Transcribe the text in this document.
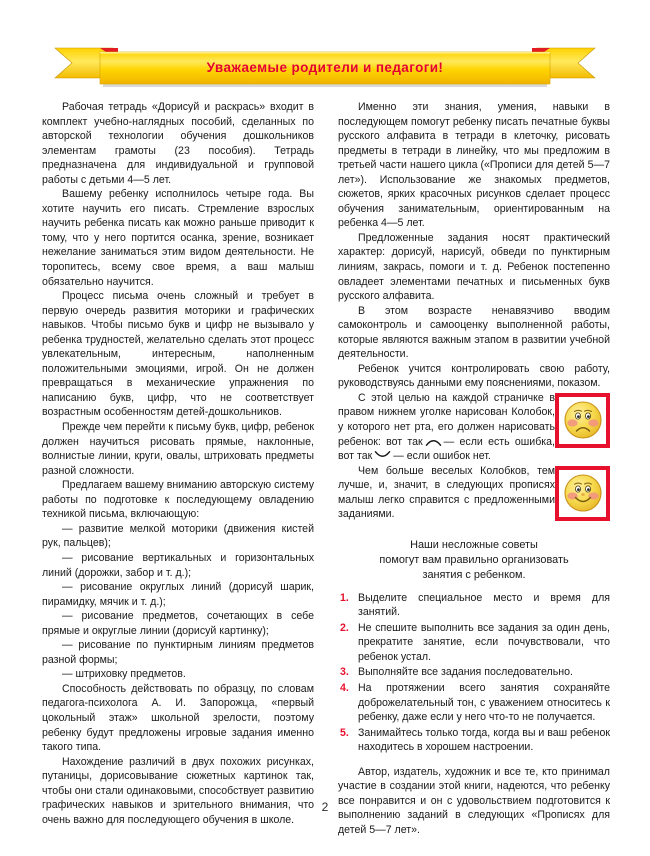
Уважаемые родители и педагоги!

Рабочая тетрадь «Дорисуй и раскрась» входит в комплект учебно-наглядных пособий, сделанных по авторской технологии обучения дошкольников элементам грамоты (23 пособия). Тетрадь предназначена для индивидуальной и групповой работы с детьми 4—5 лет.

Вашему ребенку исполнилось четыре года. Вы хотите научить его писать. Стремление взрослых научить ребенка писать как можно раньше приводит к тому, что у него портится осанка, зрение, возникает нежелание заниматься этим видом деятельности. Не торопитесь, всему свое время, а ваш малыш обязательно научится.

Процесс письма очень сложный и требует в первую очередь развития моторики и графических навыков. Чтобы письмо букв и цифр не вызывало у ребенка трудностей, желательно сделать этот процесс увлекательным, интересным, наполненным положительными эмоциями, игрой. Он не должен превращаться в механические упражнения по написанию букв, цифр, что не соответствует возрастным особенностям детей-дошкольников.

Прежде чем перейти к письму букв, цифр, ребенок должен научиться рисовать прямые, наклонные, волнистые линии, круги, овалы, штриховать предметы разной сложности.

Предлагаем вашему вниманию авторскую систему работы по подготовке к последующему овладению техникой письма, включающую:

— развитие мелкой моторики (движения кистей рук, пальцев);

— рисование вертикальных и горизонтальных линий (дорожки, забор и т. д.);

— рисование округлых линий (дорисуй шарик, пирамидку, мячик и т. д.);

— рисование предметов, сочетающих в себе прямые и округлые линии (дорисуй картинку);

— рисование по пунктирным линиям предметов разной формы;

— штриховку предметов.

Способность действовать по образцу, по словам педагога-психолога А. И. Запорожца, «первый цокольный этаж» школьной зрелости, поэтому ребенку будут предложены игровые задания именно такого типа.

Нахождение различий в двух похожих рисунках, путаницы, дорисовывание сюжетных картинок так, чтобы они стали одинаковыми, способствует развитию графических навыков и зрительного внимания, что очень важно для последующего обучения в школе.

Именно эти знания, умения, навыки в последующем помогут ребенку писать печатные буквы русского алфавита в тетради в клеточку, рисовать предметы в тетради в линейку, что мы предложим в третьей части нашего цикла («Прописи для детей 5—7 лет»). Использование же знакомых предметов, сюжетов, ярких красочных рисунков сделает процесс обучения занимательным, ориентированным на ребенка 4—5 лет.

Предложенные задания носят практический характер: дорисуй, нарисуй, обведи по пунктирным линиям, закрась, помоги и т. д. Ребенок постепенно овладеет элементами печатных и письменных букв русского алфавита.

В этом возрасте ненавязчиво вводим самоконтроль и самооценку выполненной работы, которые являются важным этапом в развитии учебной деятельности.

Ребенок учится контролировать свою работу, руководствуясь данными ему пояснениями, показом.

С этой целью на каждой страничке в правом нижнем уголке нарисован Колобок, у которого нет рта, его должен нарисовать ребенок: вот так — если есть ошибка, вот так — если ошибок нет.

Чем больше веселых Колобков, тем лучше, и, значит, в следующих прописях малыш легко справится с предложенными заданиями.

Наши несложные советы
помогут вам правильно организовать
занятия с ребенком.
1. Выделите специальное место и время для занятий.
2. Не спешите выполнить все задания за один день, прекратите занятие, если почувствовали, что ребенок устал.
3. Выполняйте все задания последовательно.
4. На протяжении всего занятия сохраняйте доброжелательный тон, с уважением относитесь к ребенку, даже если у него что-то не получается.
5. Занимайтесь только тогда, когда вы и ваш ребенок находитесь в хорошем настроении.

Автор, издатель, художник и все те, кто принимал участие в создании этой книги, надеются, что ребенку все понравится и он с удовольствием подготовится к выполнению заданий в следующих «Прописях для детей 5—7 лет».

2
